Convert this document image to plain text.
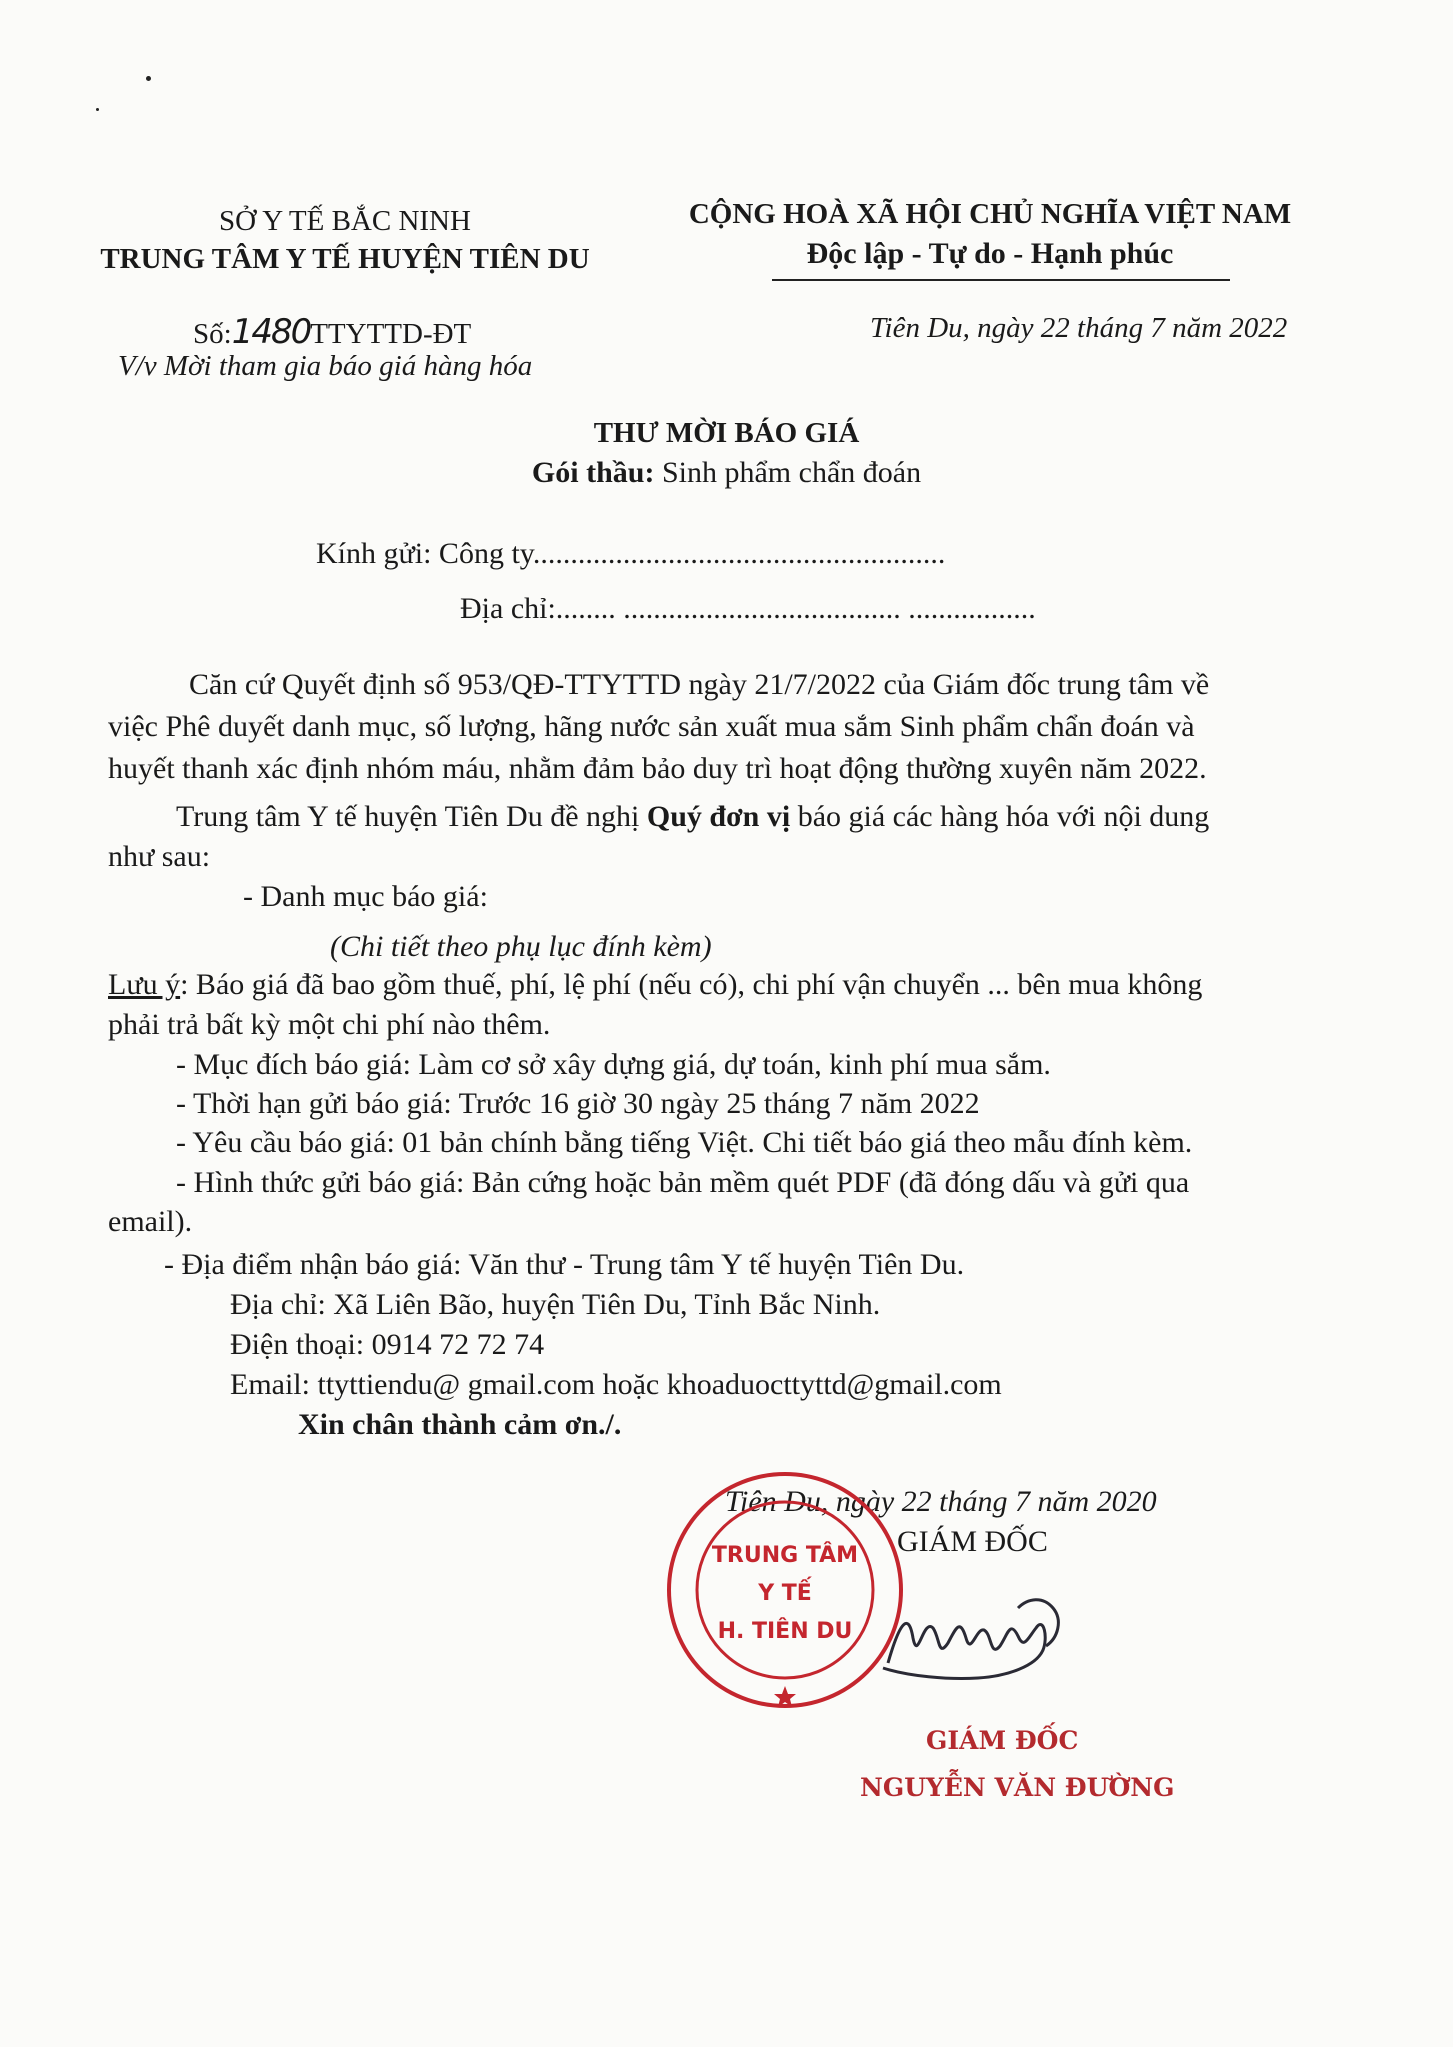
SỞ Y TẾ BẮC NINH
TRUNG TÂM Y TẾ HUYỆN TIÊN DU
CỘNG HOÀ XÃ HỘI CHỦ NGHĨA VIỆT NAM
Độc lập - Tự do - Hạnh phúc
Số:1480TTYTTD-ĐT
V/v Mời tham gia báo giá hàng hóa
Tiên Du, ngày 22 tháng 7 năm 2022
THƯ MỜI BÁO GIÁ
Gói thầu: Sinh phẩm chẩn đoán
Kính gửi: Công ty.......................................................
Địa chỉ:........ ..................................... .................
Căn cứ Quyết định số 953/QĐ-TTYTTD ngày 21/7/2022 của Giám đốc trung tâm về
việc Phê duyết danh mục, số lượng, hãng nước sản xuất mua sắm Sinh phẩm chẩn đoán và
huyết thanh xác định nhóm máu, nhằm đảm bảo duy trì hoạt động thường xuyên năm 2022.
Trung tâm Y tế huyện Tiên Du đề nghị Quý đơn vị báo giá các hàng hóa với nội dung
như sau:
- Danh mục báo giá:
(Chi tiết theo phụ lục đính kèm)
Lưu ý: Báo giá đã bao gồm thuế, phí, lệ phí (nếu có), chi phí vận chuyển ... bên mua không
phải trả bất kỳ một chi phí nào thêm.
- Mục đích báo giá: Làm cơ sở xây dựng giá, dự toán, kinh phí mua sắm.
- Thời hạn gửi báo giá: Trước 16 giờ 30 ngày 25 tháng 7 năm 2022
- Yêu cầu báo giá: 01 bản chính bằng tiếng Việt. Chi tiết báo giá theo mẫu đính kèm.
- Hình thức gửi báo giá: Bản cứng hoặc bản mềm quét PDF (đã đóng dấu và gửi qua
email).
- Địa điểm nhận báo giá: Văn thư - Trung tâm Y tế huyện Tiên Du.
Địa chỉ: Xã Liên Bão, huyện Tiên Du, Tỉnh Bắc Ninh.
Điện thoại: 0914 72 72 74
Email: ttyttiendu@ gmail.com hoặc khoaduocttyttd@gmail.com
Xin chân thành cảm ơn./.
Tiên Du, ngày 22 tháng 7 năm 2020
GIÁM ĐỐC
TRUNG TÂM
Y TẾ
H. TIÊN DU
GIÁM ĐỐC
NGUYỄN VĂN ĐƯỜNG
